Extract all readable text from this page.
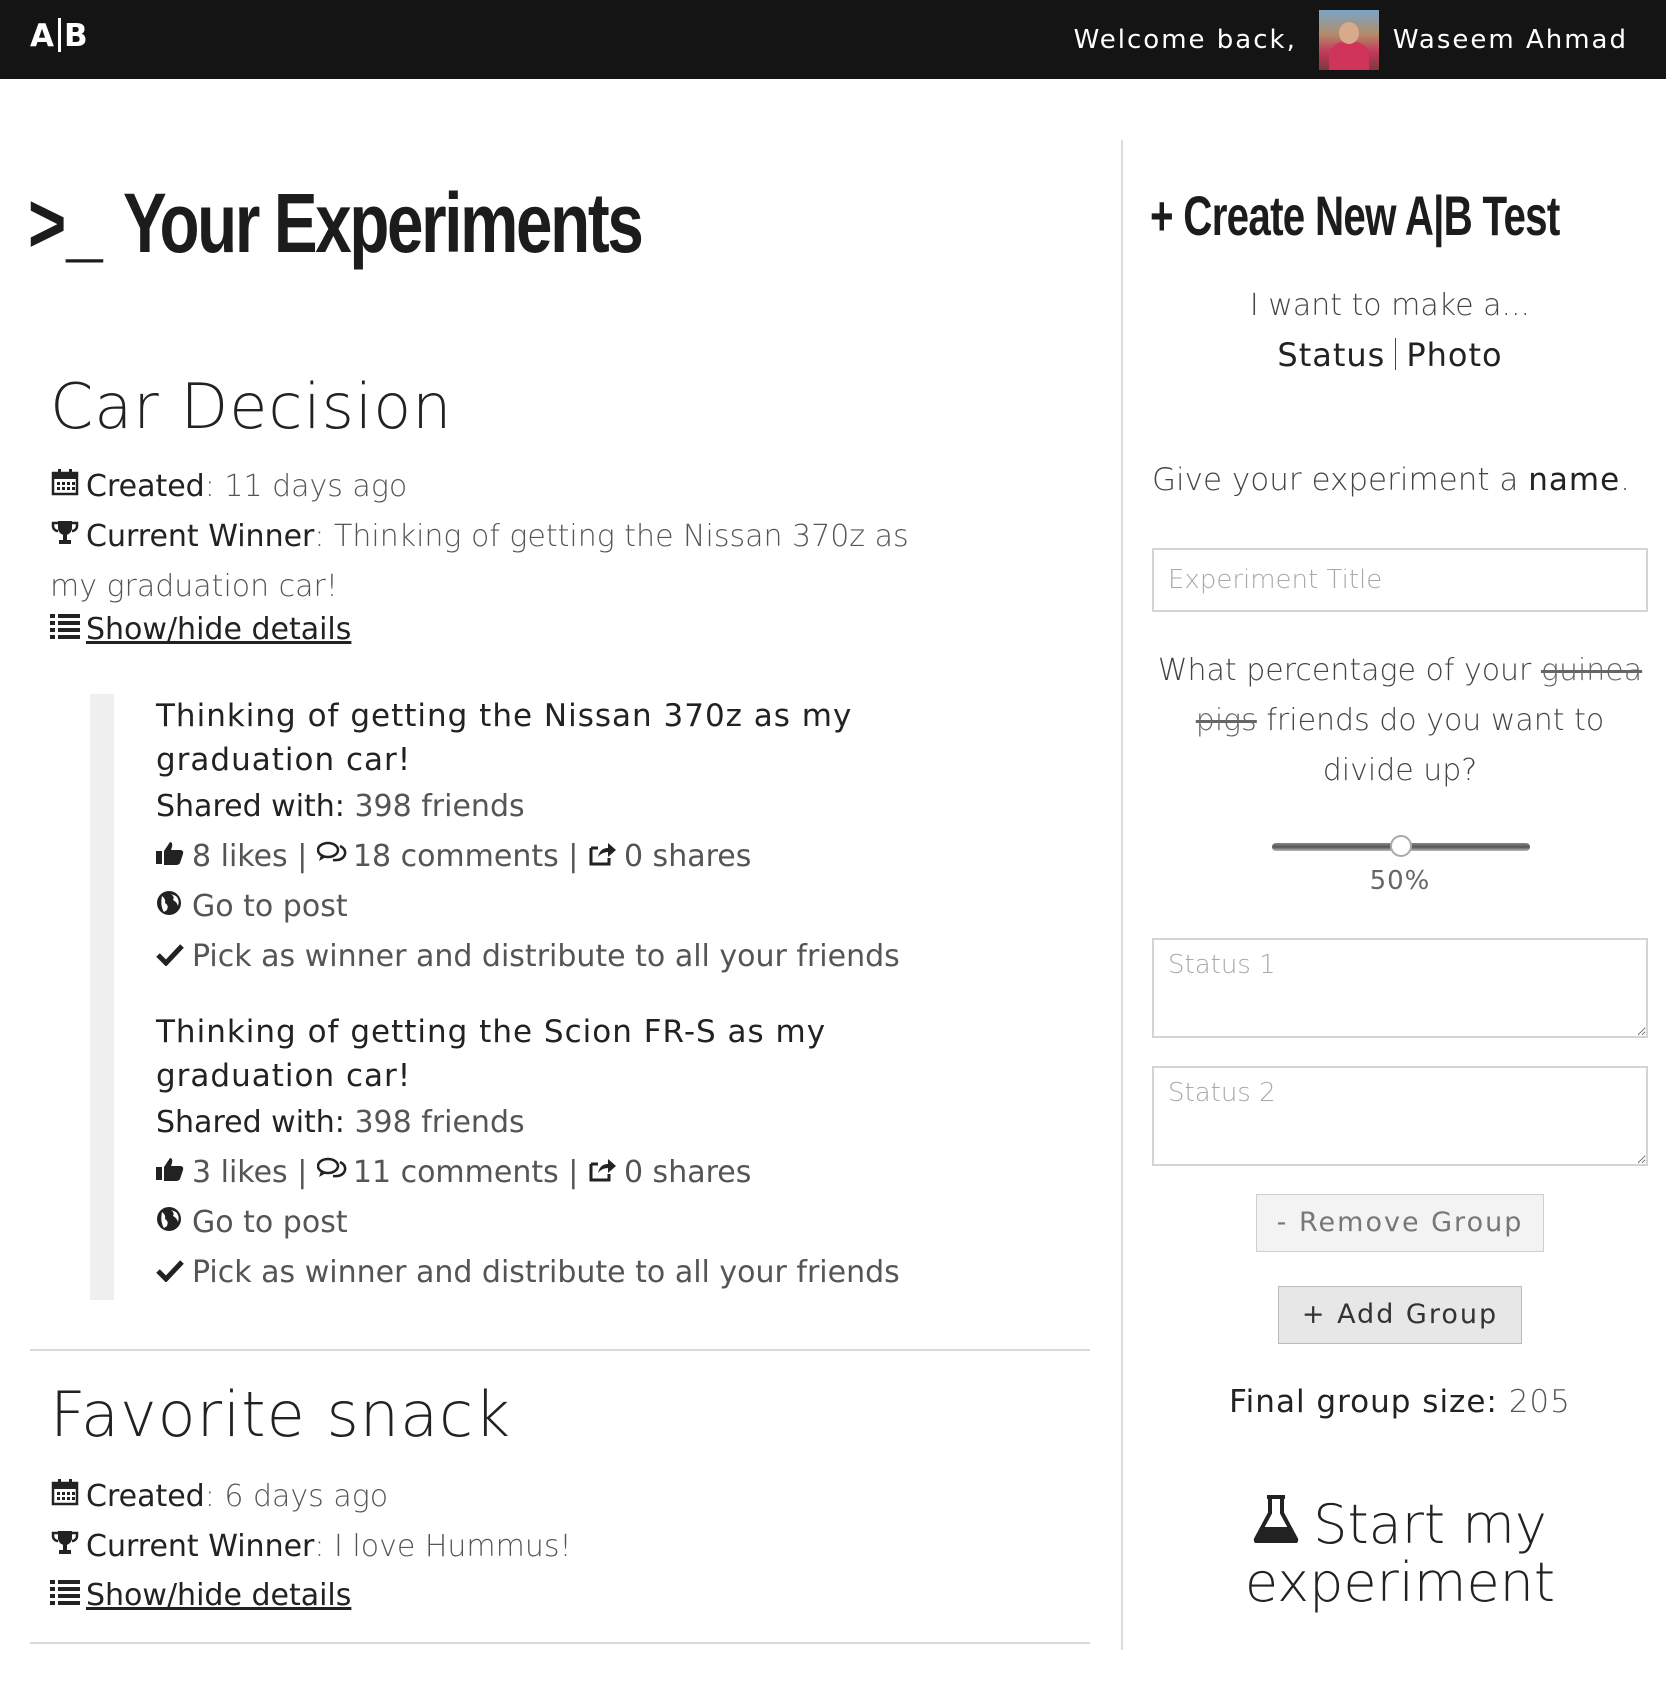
A B	Welcome back,	Waseem Ahmad
>_ Your Experiments
Car Decision
Created: 11 days ago
Current Winner: Thinking of getting the Nissan 370z as my graduation car!
Show/hide details
Thinking of getting the Nissan 370z as my graduation car!
Shared with: 398 friends
8 likes | 18 comments | 0 shares
Go to post
Pick as winner and distribute to all your friends
Thinking of getting the Scion FR-S as my graduation car!
Shared with: 398 friends
3 likes | 11 comments | 0 shares
Go to post
Pick as winner and distribute to all your friends
Favorite snack
Created: 6 days ago
Current Winner: I love Hummus!
Show/hide details
+ Create New A|B Test
I want to make a...
Status Photo
Give your experiment a name.
Experiment Title
What percentage of your guinea pigs friends do you want to divide up?
50%
Status 1
Status 2
- Remove Group
+ Add Group
Final group size: 205
Start my experiment
